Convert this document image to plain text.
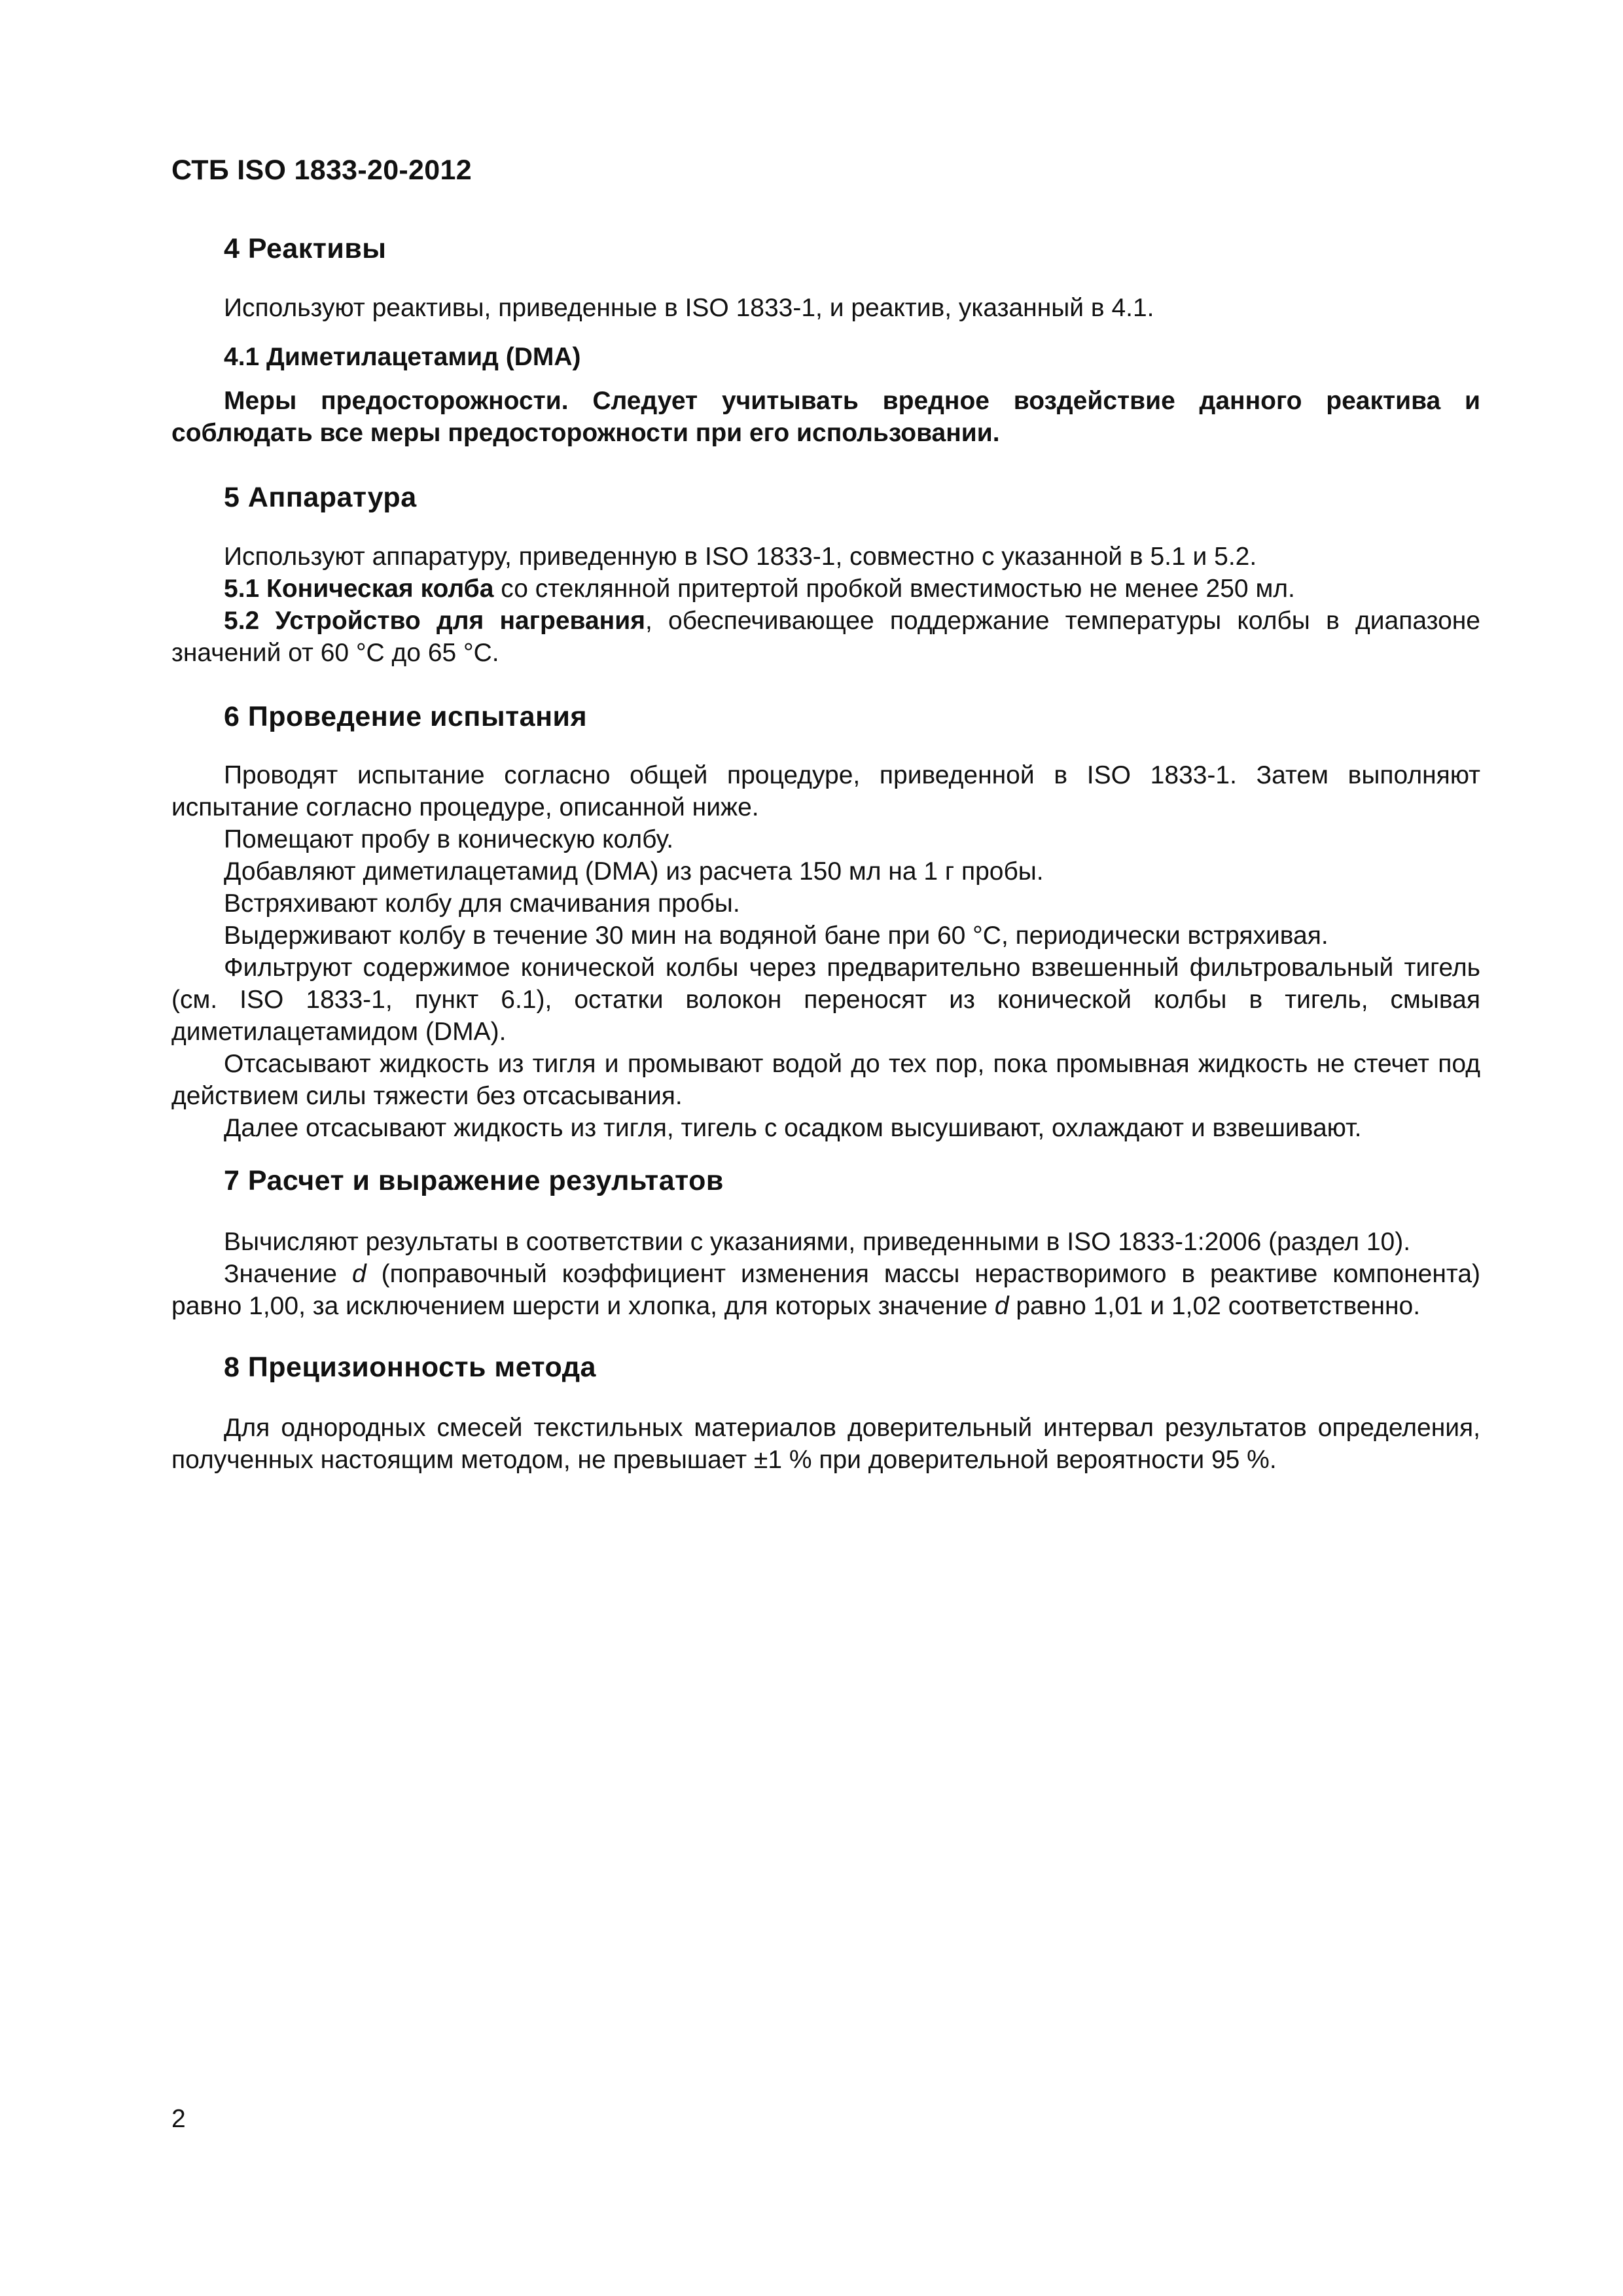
СТБ ISO 1833-20-2012
4 Реактивы
Используют реактивы, приведенные в ISO 1833-1, и реактив, указанный в 4.1.
4.1 Диметилацетамид (DMA)
Меры предосторожности. Следует учитывать вредное воздействие данного реактива и соблюдать все меры предосторожности при его использовании.
5 Аппаратура
Используют аппаратуру, приведенную в ISO 1833-1, совместно с указанной в 5.1 и 5.2.
5.1 Коническая колба со стеклянной притертой пробкой вместимостью не менее 250 мл.
5.2 Устройство для нагревания, обеспечивающее поддержание температуры колбы в диапазоне значений от 60 °С до 65 °С.
6 Проведение испытания
Проводят испытание согласно общей процедуре, приведенной в ISO 1833-1. Затем выполняют испытание согласно процедуре, описанной ниже.
Помещают пробу в коническую колбу.
Добавляют диметилацетамид (DMA) из расчета 150 мл на 1 г пробы.
Встряхивают колбу для смачивания пробы.
Выдерживают колбу в течение 30 мин на водяной бане при 60 °С, периодически встряхивая.
Фильтруют содержимое конической колбы через предварительно взвешенный фильтровальный тигель (см. ISO 1833-1, пункт 6.1), остатки волокон переносят из конической колбы в тигель, смывая диметилацетамидом (DMA).
Отсасывают жидкость из тигля и промывают водой до тех пор, пока промывная жидкость не стечет под действием силы тяжести без отсасывания.
Далее отсасывают жидкость из тигля, тигель с осадком высушивают, охлаждают и взвешивают.
7 Расчет и выражение результатов
Вычисляют результаты в соответствии с указаниями, приведенными в ISO 1833-1:2006 (раздел 10).
Значение d (поправочный коэффициент изменения массы нерастворимого в реактиве компонента) равно 1,00, за исключением шерсти и хлопка, для которых значение d равно 1,01 и 1,02 соответственно.
8 Прецизионность метода
Для однородных смесей текстильных материалов доверительный интервал результатов определения, полученных настоящим методом, не превышает ±1 % при доверительной вероятности 95 %.
2
